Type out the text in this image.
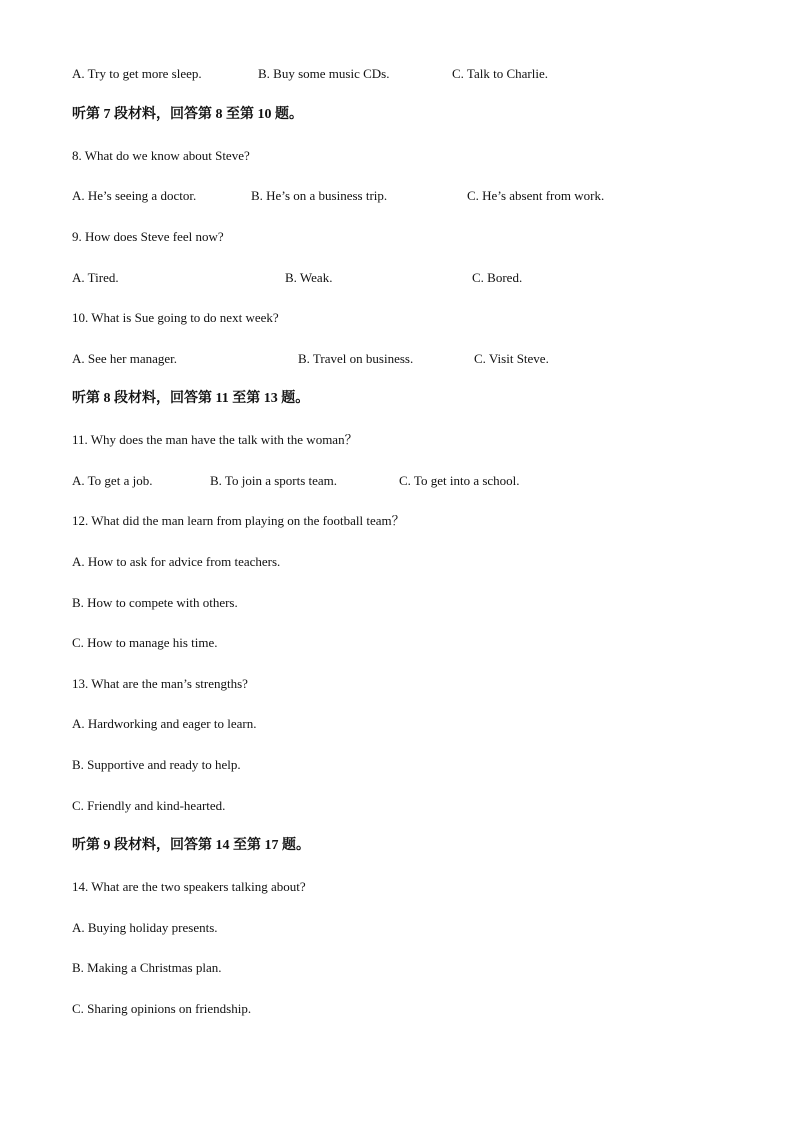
A. Try to get more sleep.	B. Buy some music CDs.	C. Talk to Charlie.
听第 7 段材料，回答第 8 至第 10 题。
8. What do we know about Steve?
A. He’s seeing a doctor.	B. He’s on a business trip.	C. He’s absent from work.
9. How does Steve feel now?
A. Tired.	B. Weak.	C. Bored.
10. What is Sue going to do next week?
A. See her manager.	B. Travel on business.	C. Visit Steve.
听第 8 段材料，回答第 11 至第 13 题。
11. Why does the man have the talk with the woman？
A. To get a job.	B. To join a sports team.	C. To get into a school.
12. What did the man learn from playing on the football team？
A. How to ask for advice from teachers.
B. How to compete with others.
C. How to manage his time.
13. What are the man’s strengths?
A. Hardworking and eager to learn.
B. Supportive and ready to help.
C. Friendly and kind-hearted.
听第 9 段材料，回答第 14 至第 17 题。
14. What are the two speakers talking about?
A. Buying holiday presents.
B. Making a Christmas plan.
C. Sharing opinions on friendship.
